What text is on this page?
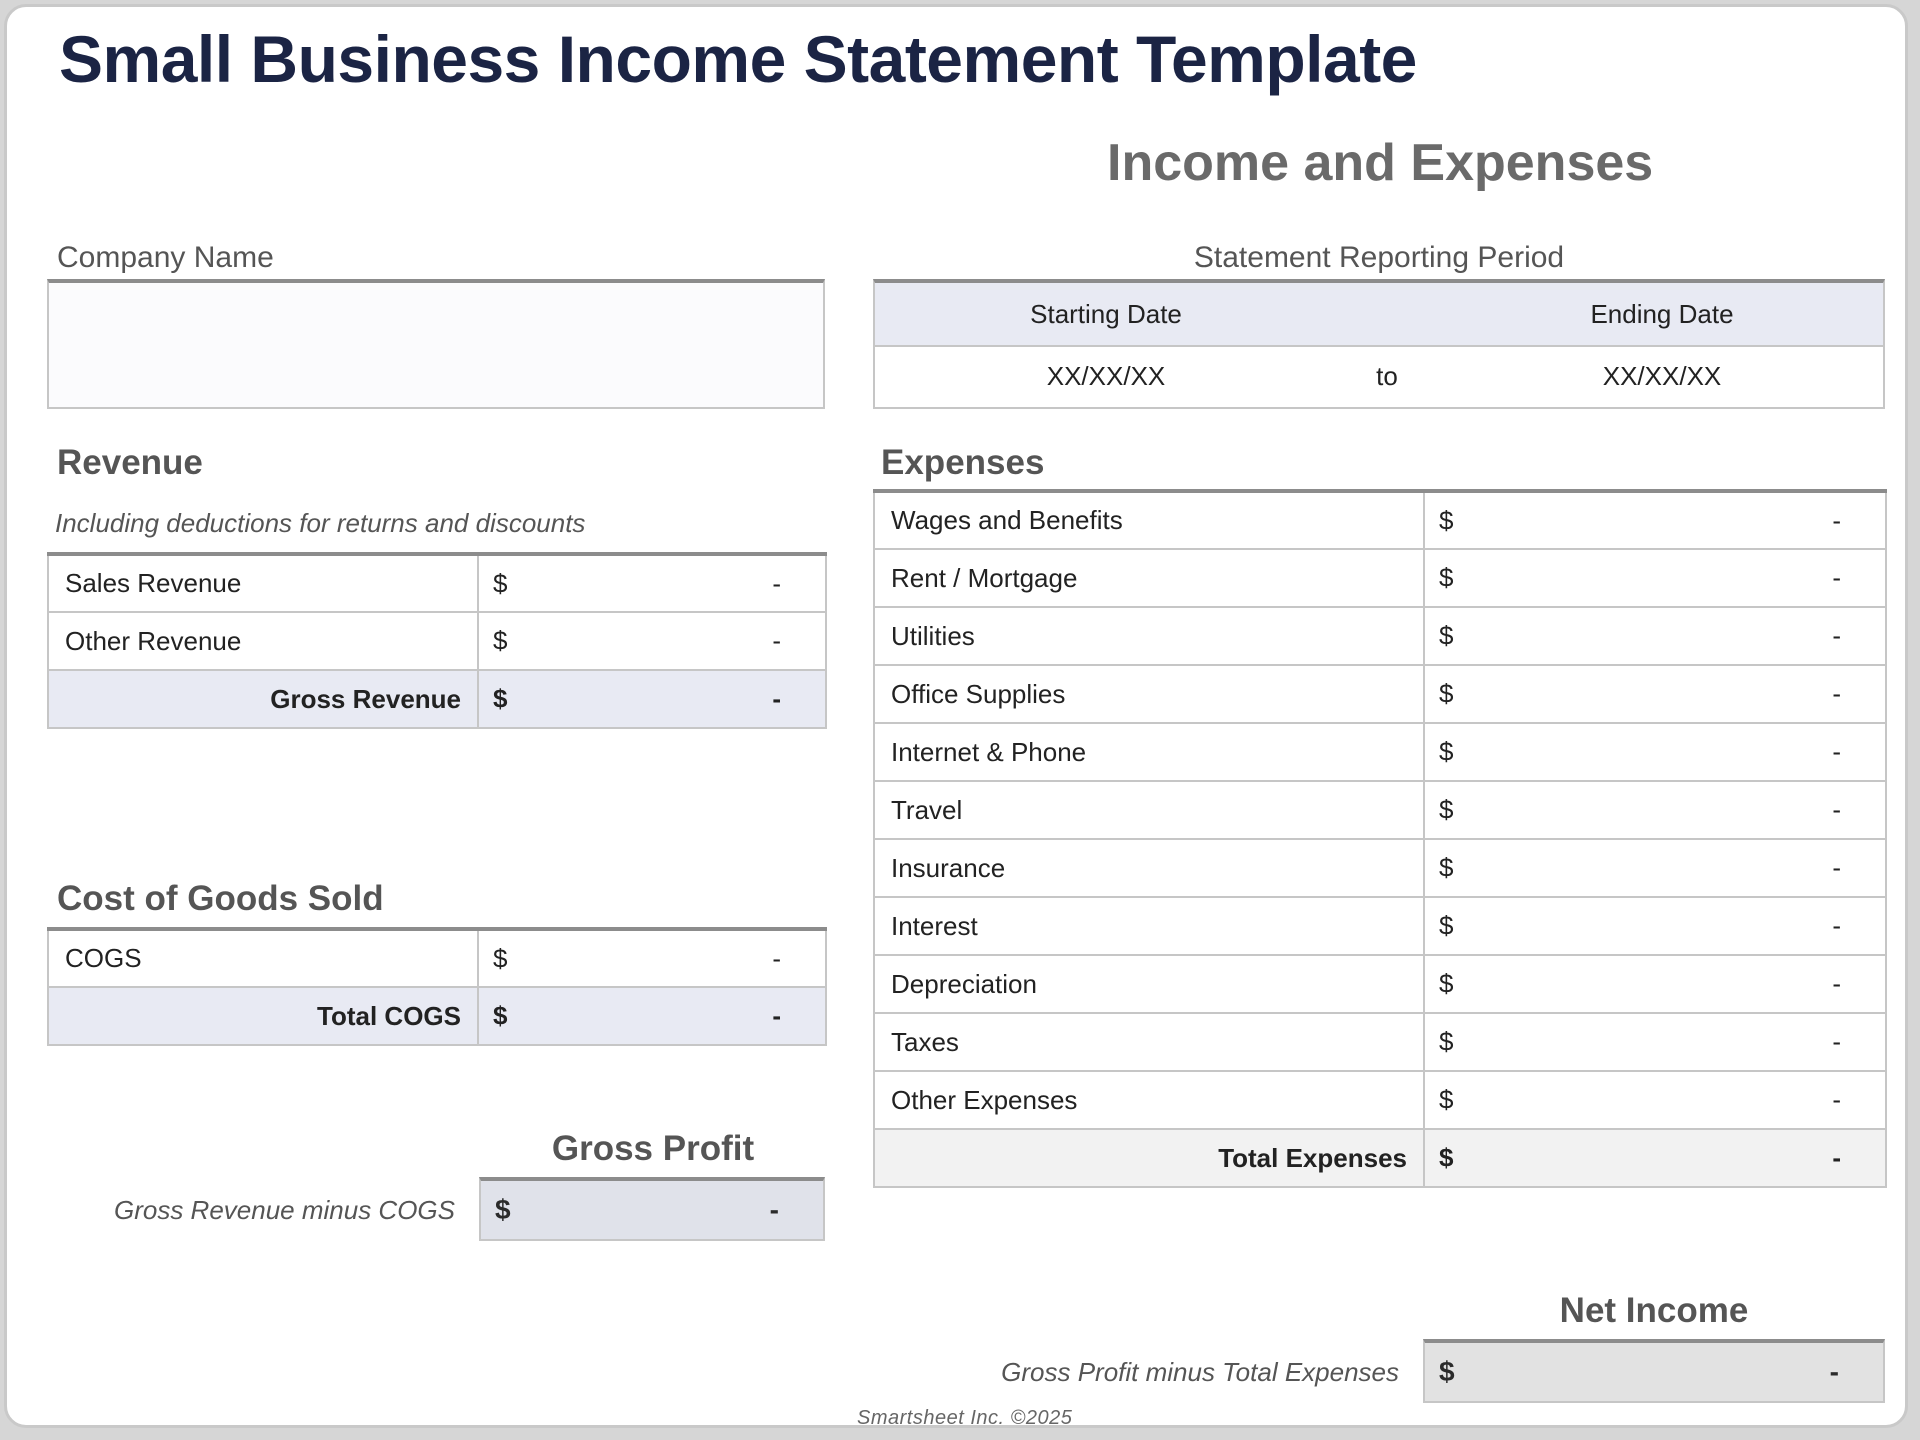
Small Business Income Statement Template
Income and Expenses
Company Name	Statement Reporting Period
Starting Date	Ending Date
XX/XX/XX	to	XX/XX/XX
Revenue
Including deductions for returns and discounts
Sales Revenue	$ -

Other Revenue	$ -

Gross Revenue	$ -
Cost of Goods Sold
COGS	$ -

Total COGS	$ -
Gross Profit
Gross Revenue minus COGS $	-
Expenses
Wages and Benefits	$ -

Rent / Mortgage	$ -

Utilities	$ -

Office Supplies	$ -

Internet & Phone	$ -

Travel	$ -

Insurance	$ -

Interest	$ -

Depreciation	$ -

Taxes	$ -

Other Expenses	$ -

Total Expenses	$ -
Net Income
Gross Profit minus Total Expenses $	-
Smartsheet Inc. ©2025
